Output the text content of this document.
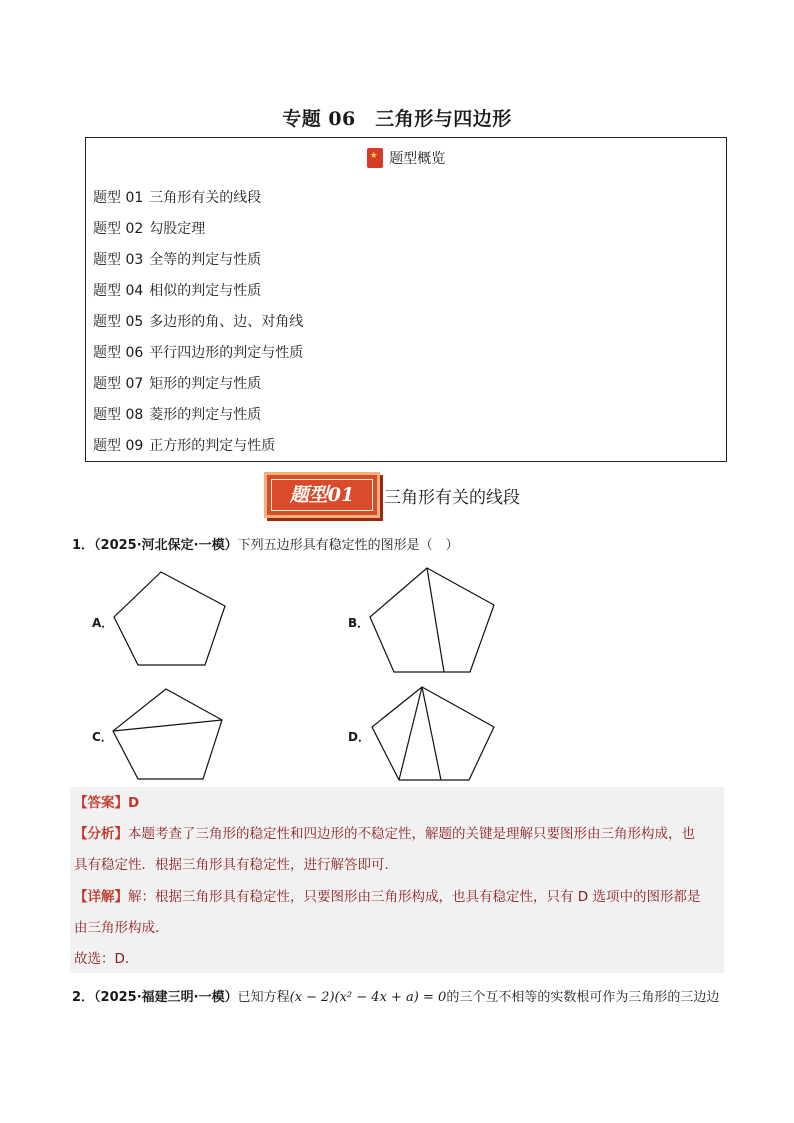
专题 06　三角形与四边形
★ 题型概览
题型 01 三角形有关的线段
题型 02 勾股定理
题型 03 全等的判定与性质
题型 04 相似的判定与性质
题型 05 多边形的角、边、对角线
题型 06 平行四边形的判定与性质
题型 07 矩形的判定与性质
题型 08 菱形的判定与性质
题型 09 正方形的判定与性质
题型01	三角形有关的线段
1．（2025·河北保定·一模）下列五边形具有稳定性的图形是（　）
A．	B．
C．	D．
【答案】D
【分析】本题考查了三角形的稳定性和四边形的不稳定性，解题的关键是理解只要图形由三角形构成，也
具有稳定性．根据三角形具有稳定性，进行解答即可．
【详解】解：根据三角形具有稳定性，只要图形由三角形构成，也具有稳定性，只有 D 选项中的图形都是
由三角形构成．
故选：D．
2．（2025·福建三明·一模）已知方程(x − 2)(x² − 4x + a) = 0的三个互不相等的实数根可作为三角形的三边边
